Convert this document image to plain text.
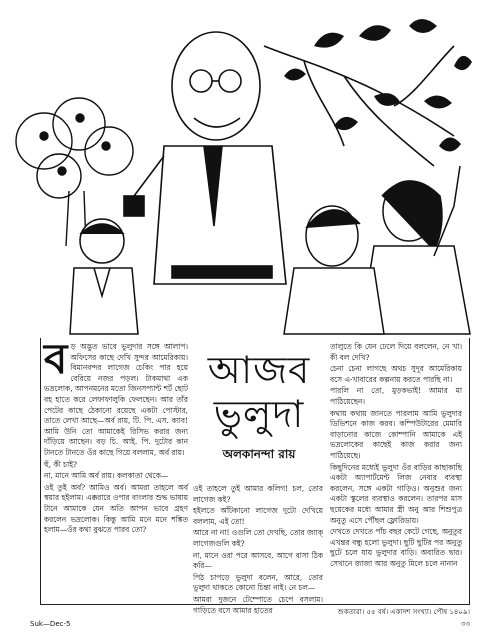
আজব
ভুলুদা
অলকানন্দা রায়
ব ড় অদ্ভুত ভাবে ভুলুদার সঙ্গে আলাপ। অফিসের কাছে দেখি সুন্দর আমেরিকায়। বিমানবন্দর লাগেজ চেকিং পার হয়ে বেরিয়ে নজর পড়ল। টাকমাথা এক ভদ্রলোক, আপনমনের মতো জিনসপ্যান্ট শর্ট ছোট বহ হাতে করে লেফাফালুকি ফেলছেন। আর তাঁর পেটের কাছে ঠেকানো রয়েছে একটা পোস্টার, তাতে লেখা আছে—অর্ব রায়, টি. পি. এস. ক্যাব! আমি উনি তো আমাকেই রিসিভ করার জন্য দাঁড়িয়ে আছেন। বড় চি. আই. পি. দুটোর কান টানতে টানতে ওঁর কাছে গিয়ে বললাম, অর্ব রায়।

হুঁ, কী চাই?

না, মানে আমি অর্ব রায়। কলকাতা থেকে—

ওই তুই অর্ব? আমিও অর্ব। আমরা তাহলে অর্ব স্বয়ার হইলাম। এক্করারে ওপার বাংলার শুদ্ধ ভাষায় টানে আমাকে যেন অতি আপন ভাবে গ্রহণ করলেন ভদ্রলোক। কিন্তু আমি মনে মনে শঙ্কিত হলাম—ওঁর কথা বুঝতে পারব তো?

ওই তাহলে তুই আমার কলিগ! চল, তোর লাগেজ কই?

হইলতে আঁটকানো লাগেজ দুটো দেখিয়ে বললাম, এই তো!

আরে না না! ওগুলি তো দেখছি, তোর জ্যাক্ লাগেজগুলি কই?

না, মানে ওরা পরে আসবে, আগে বাসা ঠিক করি—

পিঠ চাপড়ে ভুলুদা বলেন, আরে, তোর ভুলুদা থাকতে কোনো চিন্তা নাই। নে চল—

আমরা দুজনে টেম্পোতে চেপে বসলাম। গাড়িতে বসে আমার হাতের

তালুতে কি যেন ঢেলে দিয়ে বললেন, নে খা। কী বল দেখি?

চেনা চেনা লাগছে অথচ সুদূর আমেরিকায় বসে এ-খাবারের কল্পনায় করতে পারছি না।

পারলি না তো, মুড়কভাই! আমার মা পাঠিয়েছেন।

কথায় কথায় জানতে পারলাম আমি ভুলুদার ডিভিশনে কাজ করব। কম্পিউটারের মেমারি বাড়ানোর কাজে কোম্পানি আমাকে এই ভদ্রলোকের কাছেই কাজ করার জন্য পাঠিয়েছে।

কিছুদিনের মধ্যেই ভুলুদা ওঁর বাড়ির কাছাকাছি একটা অ্যাপার্টমেন্ট লিজ নেবার ব্যবস্থা করলেন, সঙ্গে একটা গাড়িও। অনুশুর জন্য একটা স্কুলের ব্যবস্থাও করলেন। তারপর মাস ছয়েকের মধ্যে আমার স্ত্রী অনু আর শিশুপুত্র অনুতু এসে পৌঁছল ফ্লোরিডায়।

দেখতে দেখতে পাঁচ বছর কেটে গেছে, অনুতুর এখন্তর বন্ধু হলো ভুলুদা। ছুটি ছুটির পর অনুতু ছুটে চলে যায় ভুলুদার বাড়ি। অবারিত দ্বার। সেখানে জাজা আর অনুতু মিলে চলে নানান

শুকতারা। ৫৫ বর্ষ। একাদশ সংখ্যা। পৌষ ১৪০৯। ৩৩
Suk—Dec-5
